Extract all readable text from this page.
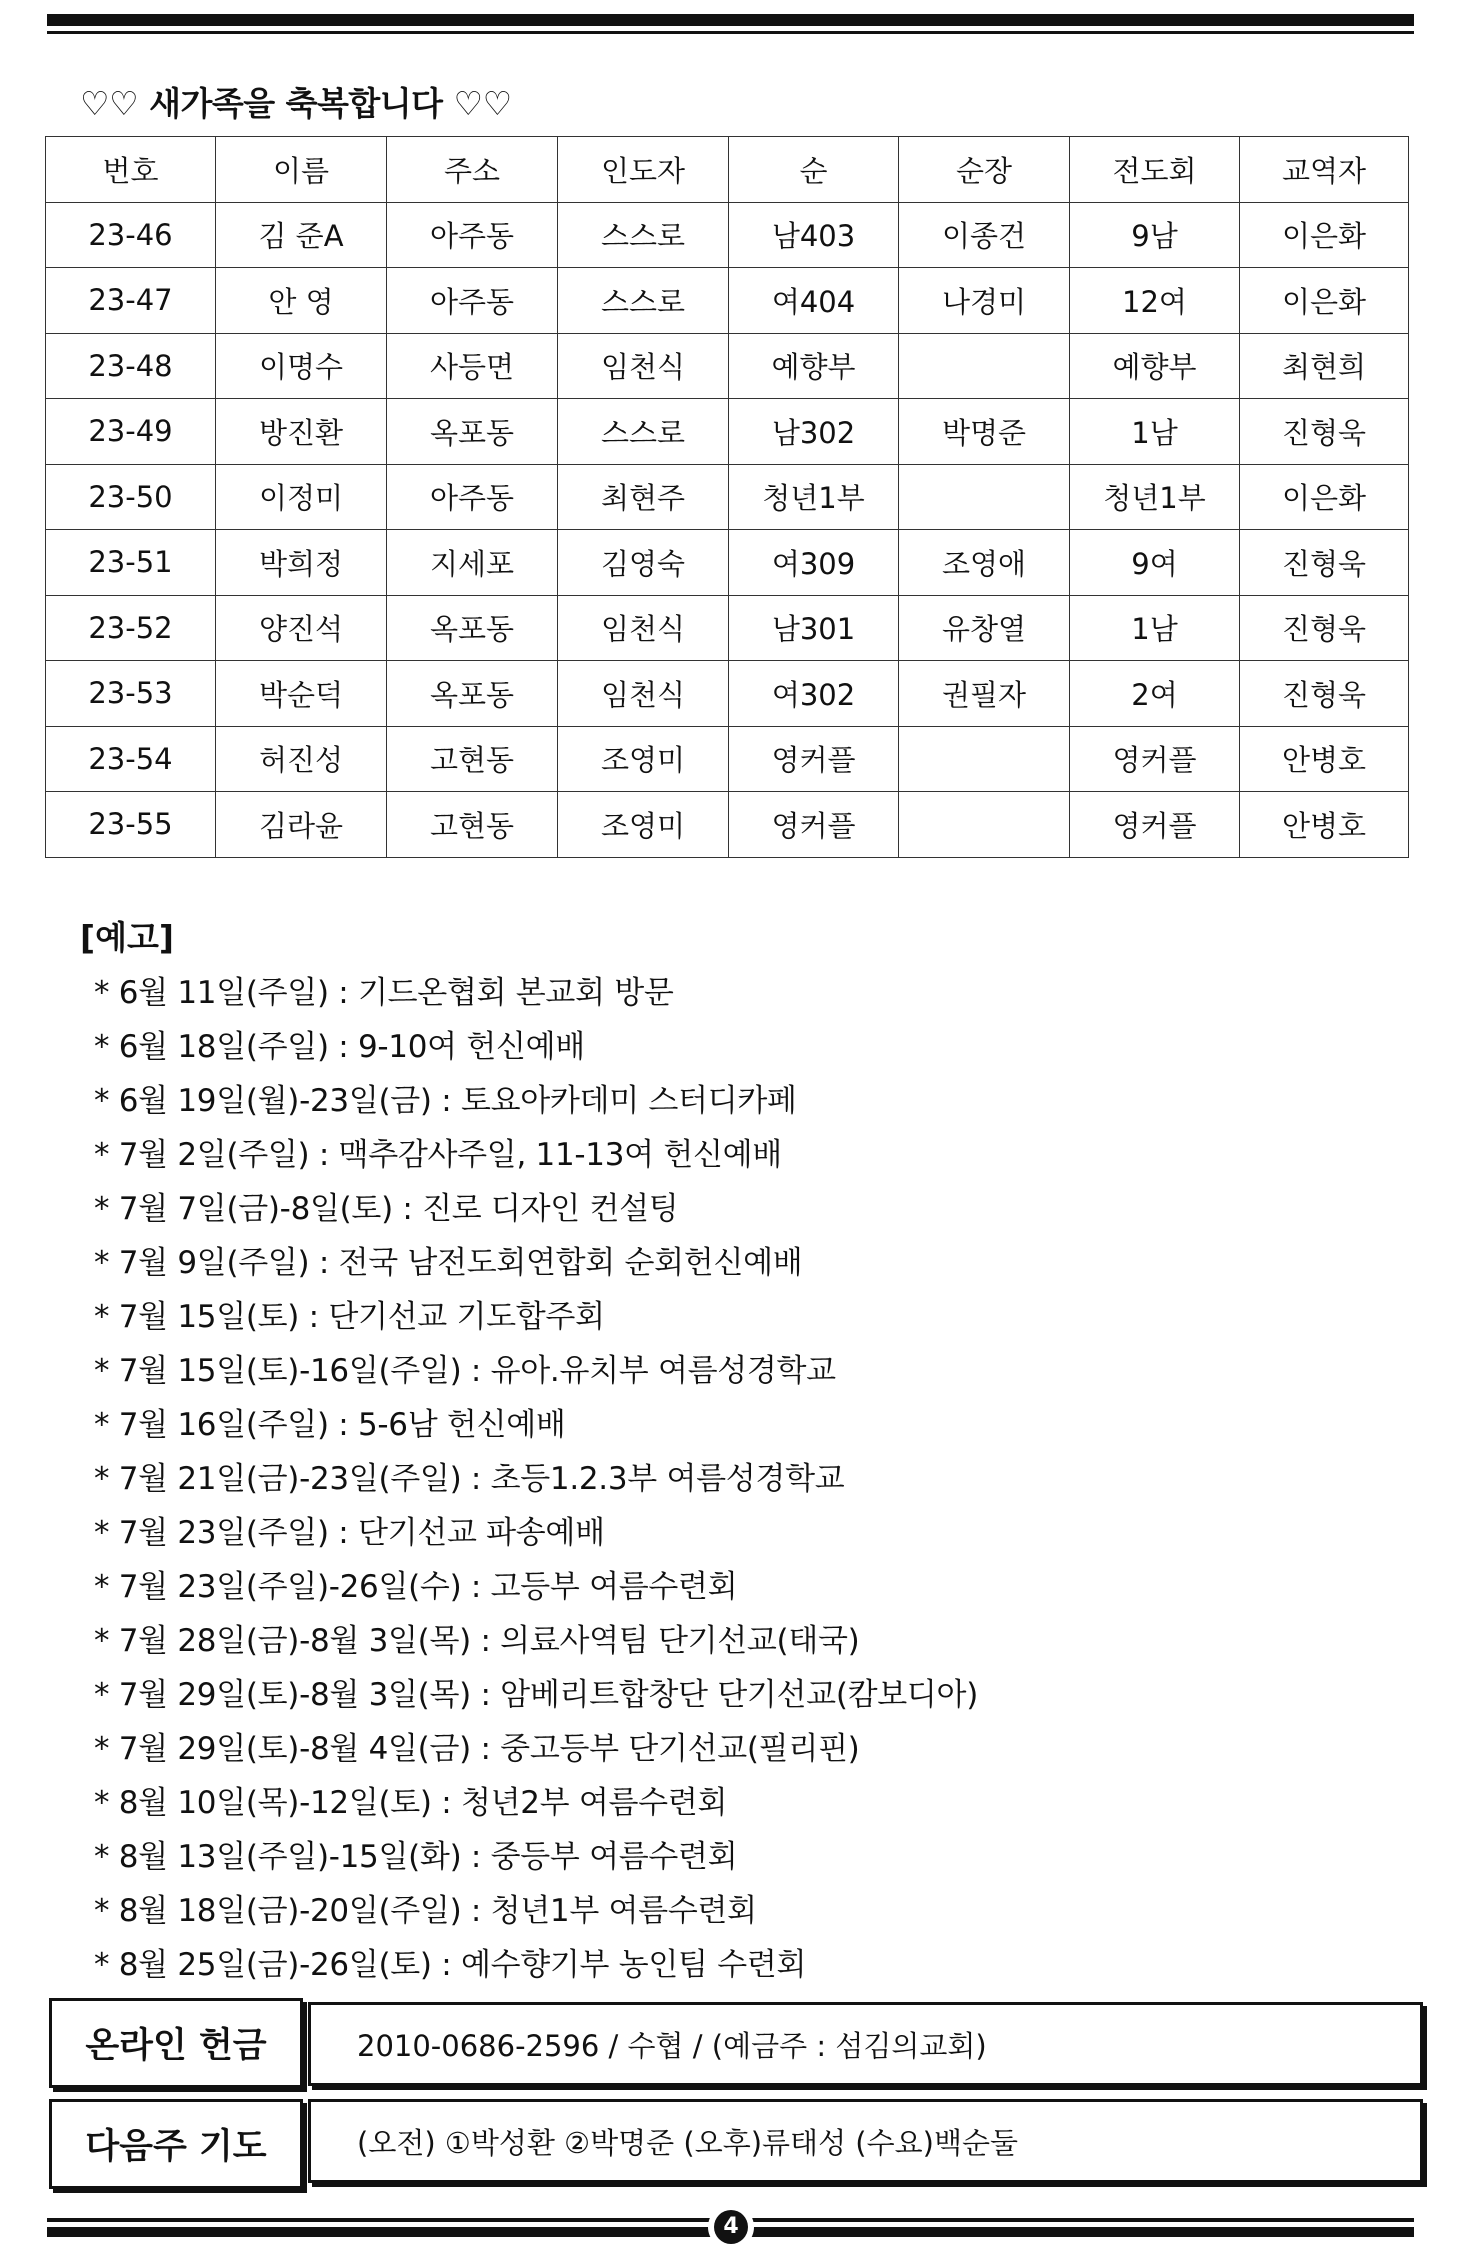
♡♡ 새가족을 축복합니다 ♡♡
번호	이름	주소	인도자	순	순장	전도회	교역자
23-46	김 준A	아주동	스스로	남403	이종건	9남	이은화
23-47	안 영	아주동	스스로	여404	나경미	12여	이은화
23-48	이명수	사등면	임천식	예향부		예향부	최현희
23-49	방진환	옥포동	스스로	남302	박명준	1남	진형욱
23-50	이정미	아주동	최현주	청년1부		청년1부	이은화
23-51	박희정	지세포	김영숙	여309	조영애	9여	진형욱
23-52	양진석	옥포동	임천식	남301	유창열	1남	진형욱
23-53	박순덕	옥포동	임천식	여302	권필자	2여	진형욱
23-54	허진성	고현동	조영미	영커플		영커플	안병호
23-55	김라윤	고현동	조영미	영커플		영커플	안병호
[예고]
* 6월 11일(주일) : 기드온협회 본교회 방문
* 6월 18일(주일) : 9-10여 헌신예배
* 6월 19일(월)-23일(금) : 토요아카데미 스터디카페
* 7월 2일(주일) : 맥추감사주일, 11-13여 헌신예배
* 7월 7일(금)-8일(토) : 진로 디자인 컨설팅
* 7월 9일(주일) : 전국 남전도회연합회 순회헌신예배
* 7월 15일(토) : 단기선교 기도합주회
* 7월 15일(토)-16일(주일) : 유아.유치부 여름성경학교
* 7월 16일(주일) : 5-6남 헌신예배
* 7월 21일(금)-23일(주일) : 초등1.2.3부 여름성경학교
* 7월 23일(주일) : 단기선교 파송예배
* 7월 23일(주일)-26일(수) : 고등부 여름수련회
* 7월 28일(금)-8월 3일(목) : 의료사역팀 단기선교(태국)
* 7월 29일(토)-8월 3일(목) : 암베리트합창단 단기선교(캄보디아)
* 7월 29일(토)-8월 4일(금) : 중고등부 단기선교(필리핀)
* 8월 10일(목)-12일(토) : 청년2부 여름수련회
* 8월 13일(주일)-15일(화) : 중등부 여름수련회
* 8월 18일(금)-20일(주일) : 청년1부 여름수련회
* 8월 25일(금)-26일(토) : 예수향기부 농인팀 수련회
온라인 헌금	2010-0686-2596 / 수협 / (예금주 : 섬김의교회)
다음주 기도	(오전) ①박성환 ②박명준 (오후)류태성 (수요)백순둘
4
